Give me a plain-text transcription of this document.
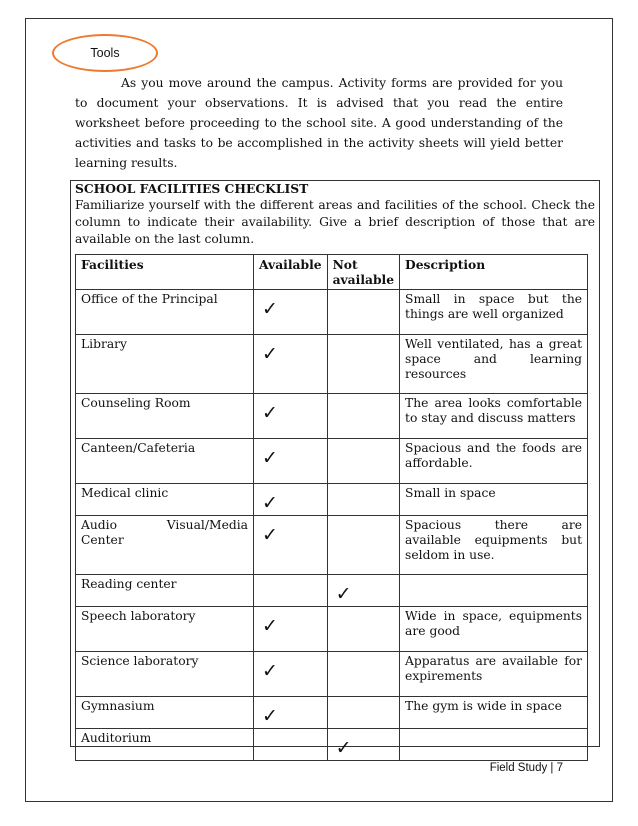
Tools

As you move around the campus. Activity forms are provided for you to document your observations. It is advised that you read the entire worksheet before proceeding to the school site. A good understanding of the activities and tasks to be accomplished in the activity sheets will yield better learning results.

SCHOOL FACILITIES CHECKLIST

Familiarize yourself with the different areas and facilities of the school. Check the column to indicate their availability. Give a brief description of those that are available on the last column.

Facilities	Available	Not available	Description
Office of the Principal	✓		Small in space but the things are well organized
Library	✓		Well ventilated, has a great space and learning resources
Counseling Room	✓		The area looks comfortable to stay and discuss matters
Canteen/Cafeteria	✓		Spacious and the foods are affordable.
Medical clinic	✓		Small in space
Audio Visual/Media Center	✓		Spacious there are available equipments but seldom in use.
Reading center		✓	

Speech laboratory	✓		Wide in space, equipments are good
Science laboratory	✓		Apparatus are available for expirements
Gymnasium	✓		The gym is wide in space
Auditorium		✓	

Field Study | 7
